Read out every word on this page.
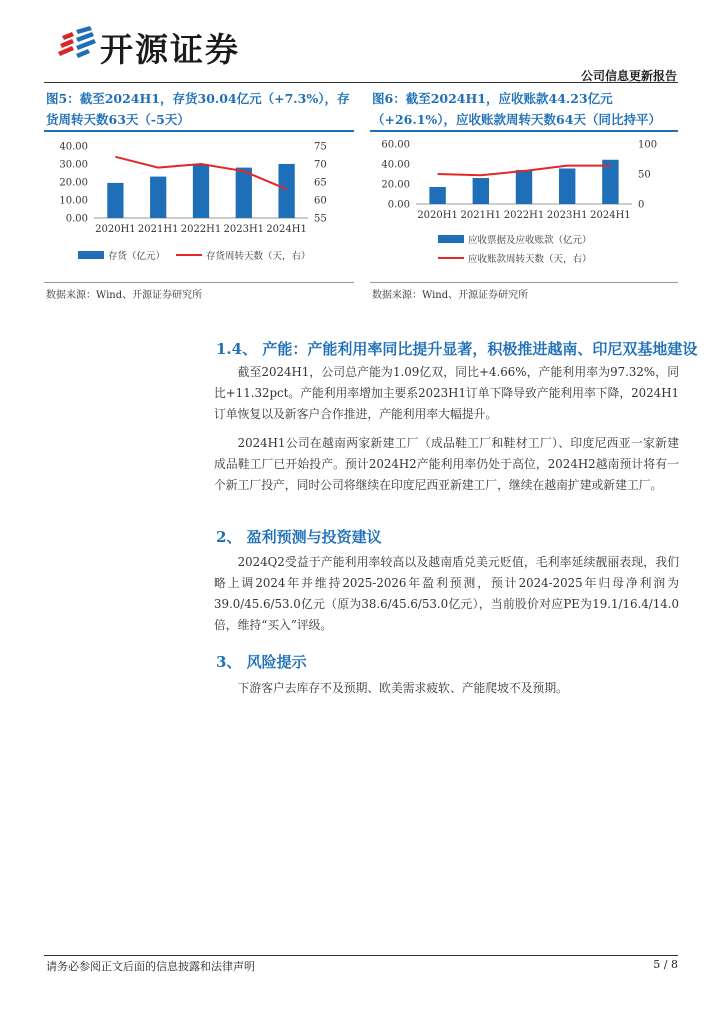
开源证券
公司信息更新报告
图5：截至2024H1，存货30.04亿元（+7.3%），存货周转天数63天（-5天）
40.00
30.00
20.00
10.00
0.00
75
70
65
60
55
2020H1 2021H1 2022H1 2023H1 2024H1
存货（亿元）	存货周转天数（天，右）
数据来源：Wind、开源证券研究所
图6：截至2024H1，应收账款44.23亿元（+26.1%），应收账款周转天数64天（同比持平）
60.00
40.00
20.00
0.00
100
50
0
2020H1 2021H1 2022H1 2023H1 2024H1
应收票据及应收账款（亿元）
应收账款周转天数（天，右）
数据来源：Wind、开源证券研究所
1.4、 产能：产能利用率同比提升显著，积极推进越南、印尼双基地建设

截至2024H1，公司总产能为1.09亿双，同比+4.66%，产能利用率为97.32%，同比+11.32pct。产能利用率增加主要系2023H1订单下降导致产能利用率下降，2024H1订单恢复以及新客户合作推进，产能利用率大幅提升。

2024H1公司在越南两家新建工厂（成品鞋工厂和鞋材工厂）、印度尼西亚一家新建成品鞋工厂已开始投产。预计2024H2产能利用率仍处于高位，2024H2越南预计将有一个新工厂投产，同时公司将继续在印度尼西亚新建工厂，继续在越南扩建或新建工厂。

2、 盈利预测与投资建议

2024Q2受益于产能利用率较高以及越南盾兑美元贬值，毛利率延续靓丽表现，我们略上调2024年并维持2025-2026年盈利预测，预计2024-2025年归母净利润为39.0/45.6/53.0亿元（原为38.6/45.6/53.0亿元），当前股价对应PE为19.1/16.4/14.0倍，维持“买入”评级。

3、 风险提示

下游客户去库存不及预期、欧美需求疲软、产能爬坡不及预期。

请务必参阅正文后面的信息披露和法律声明	5 / 8
